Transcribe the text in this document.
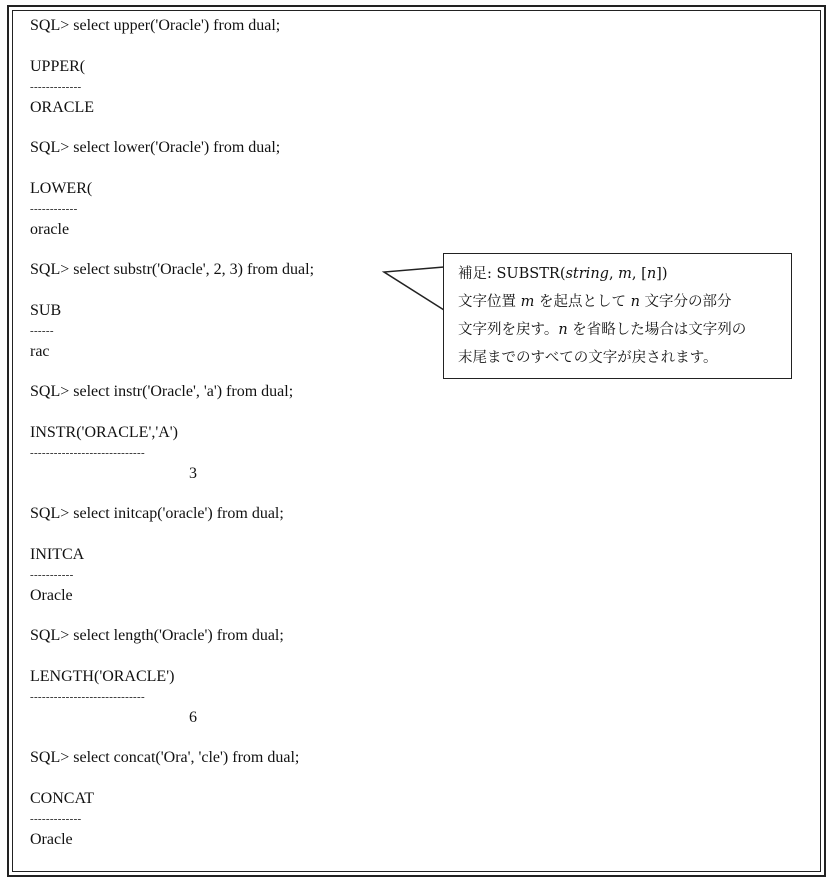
SQL> select upper('Oracle') from dual;
UPPER(
-------------
ORACLE
SQL> select lower('Oracle') from dual;
LOWER(
------------
oracle
SQL> select substr('Oracle', 2, 3) from dual;
SUB
------
rac
SQL> select instr('Oracle', 'a') from dual;
INSTR('ORACLE','A')
-----------------------------
3
SQL> select initcap('oracle') from dual;
INITCA
-----------
Oracle
SQL> select length('Oracle') from dual;
LENGTH('ORACLE')
-----------------------------
6
SQL> select concat('Ora', 'cle') from dual;
CONCAT
-------------
Oracle
補足: SUBSTR(string, m, [n])
文字位置 m を起点として n 文字分の部分
文字列を戻す。n を省略した場合は文字列の
末尾までのすべての文字が戻されます。
